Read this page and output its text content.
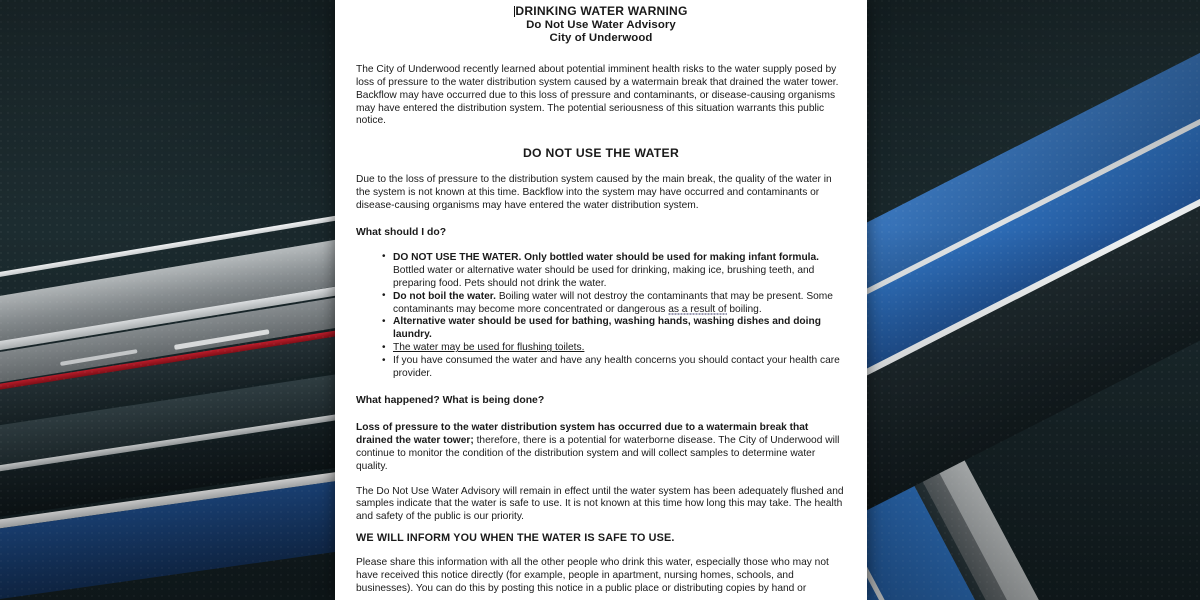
DRINKING WATER WARNING
Do Not Use Water Advisory
City of Underwood

The City of Underwood recently learned about potential imminent health risks to the water supply posed by loss of pressure to the water distribution system caused by a watermain break that drained the water tower. Backflow may have occurred due to this loss of pressure and contaminants, or disease-causing organisms may have entered the distribution system. The potential seriousness of this situation warrants this public notice.

DO NOT USE THE WATER

Due to the loss of pressure to the distribution system caused by the main break, the quality of the water in the system is not known at this time. Backflow into the system may have occurred and contaminants or disease-causing organisms may have entered the water distribution system.

What should I do?
• DO NOT USE THE WATER. Only bottled water should be used for making infant formula. Bottled water or alternative water should be used for drinking, making ice, brushing teeth, and preparing food. Pets should not drink the water.
• Do not boil the water. Boiling water will not destroy the contaminants that may be present. Some contaminants may become more concentrated or dangerous as a result of boiling.
• Alternative water should be used for bathing, washing hands, washing dishes and doing laundry.
• The water may be used for flushing toilets.
• If you have consumed the water and have any health concerns you should contact your health care provider.
What happened? What is being done?

Loss of pressure to the water distribution system has occurred due to a watermain break that drained the water tower; therefore, there is a potential for waterborne disease. The City of Underwood will continue to monitor the condition of the distribution system and will collect samples to determine water quality.

The Do Not Use Water Advisory will remain in effect until the water system has been adequately flushed and samples indicate that the water is safe to use. It is not known at this time how long this may take. The health and safety of the public is our priority.

WE WILL INFORM YOU WHEN THE WATER IS SAFE TO USE.

Please share this information with all the other people who drink this water, especially those who may not have received this notice directly (for example, people in apartment, nursing homes, schools, and businesses). You can do this by posting this notice in a public place or distributing copies by hand or
